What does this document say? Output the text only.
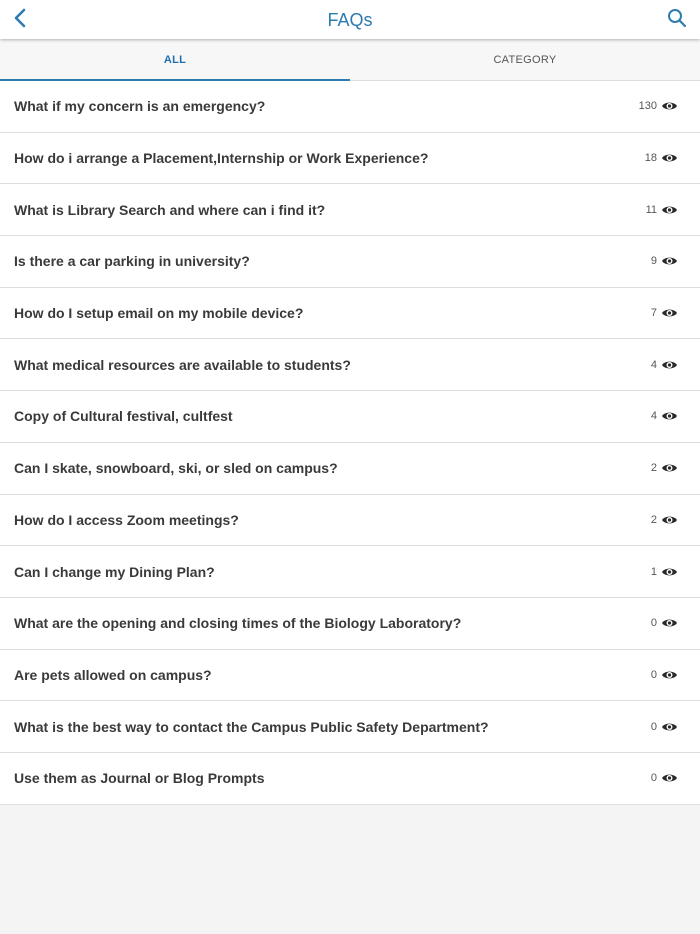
FAQs
ALL	CATEGORY
What if my concern is an emergency?	130
How do i arrange a Placement,Internship or Work Experience?	18
What is Library Search and where can i find it?	11
Is there a car parking in university?	9
How do I setup email on my mobile device?	7
What medical resources are available to students?	4
Copy of Cultural festival, cultfest	4
Can I skate, snowboard, ski, or sled on campus?	2
How do I access Zoom meetings?	2
Can I change my Dining Plan?	1
What are the opening and closing times of the Biology Laboratory?	0
Are pets allowed on campus?	0
What is the best way to contact the Campus Public Safety Department?	0
Use them as Journal or Blog Prompts	0
